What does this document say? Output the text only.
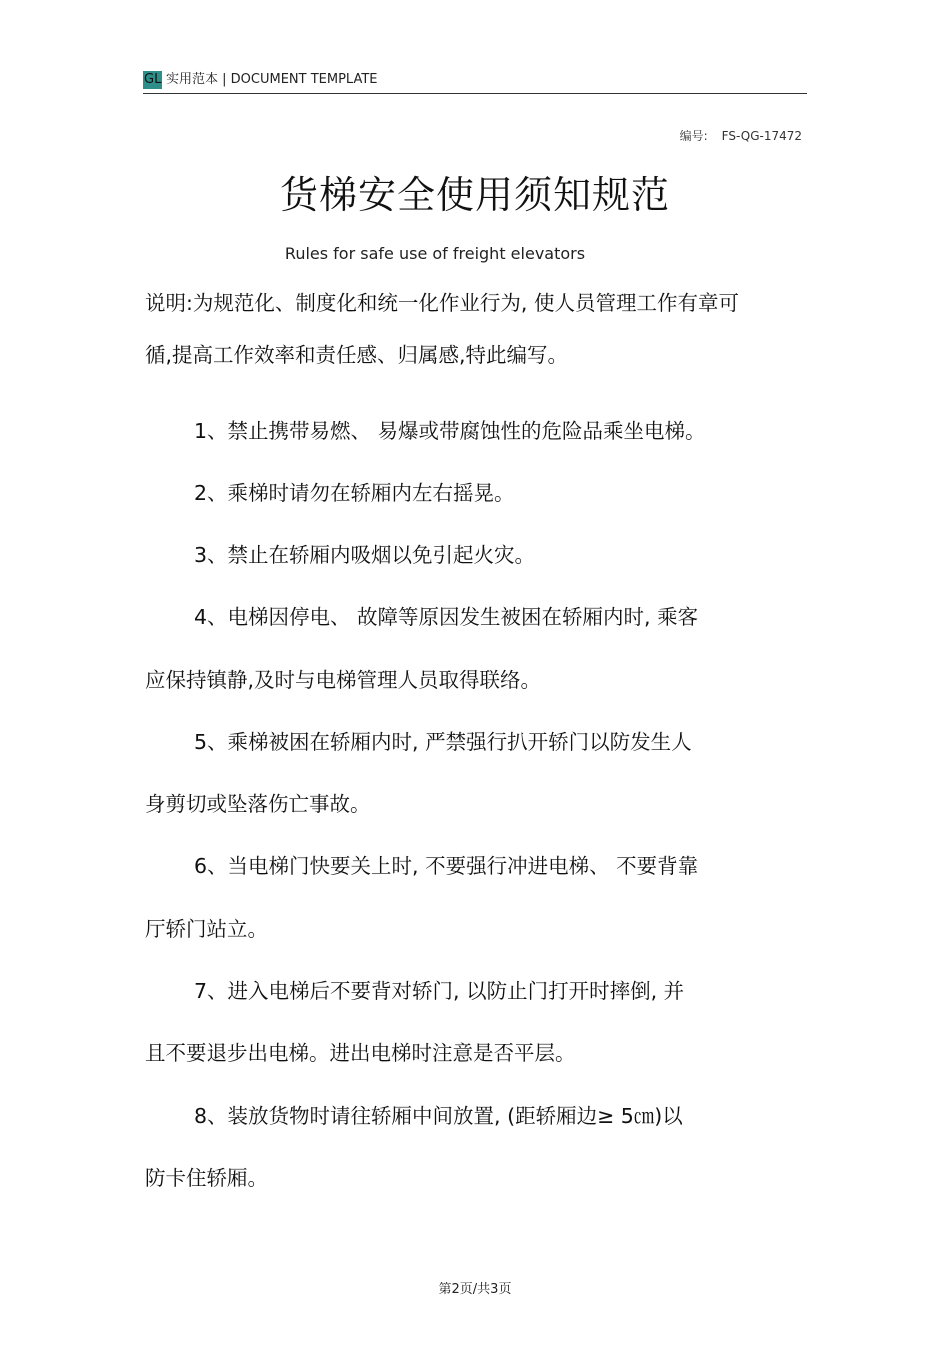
GL 实用范本 | DOCUMENT TEMPLATE
编号: FS-QG-17472
货梯安全使用须知规范
Rules for safe use of freight elevators
说明:为规范化、制度化和统一化作业行为, 使人员管理工作有章可
循,提高工作效率和责任感、归属感,特此编写。
1、禁止携带易燃、 易爆或带腐蚀性的危险品乘坐电梯。
2、乘梯时请勿在轿厢内左右摇晃。
3、禁止在轿厢内吸烟以免引起火灾。
4、电梯因停电、 故障等原因发生被困在轿厢内时, 乘客
应保持镇静,及时与电梯管理人员取得联络。
5、乘梯被困在轿厢内时, 严禁强行扒开轿门以防发生人
身剪切或坠落伤亡事故。
6、当电梯门快要关上时, 不要强行冲进电梯、 不要背靠
厅轿门站立。
7、进入电梯后不要背对轿门, 以防止门打开时摔倒, 并
且不要退步出电梯。进出电梯时注意是否平层。
8、装放货物时请往轿厢中间放置, (距轿厢边≥ 5㎝)以
防卡住轿厢。
第2页/共3页
